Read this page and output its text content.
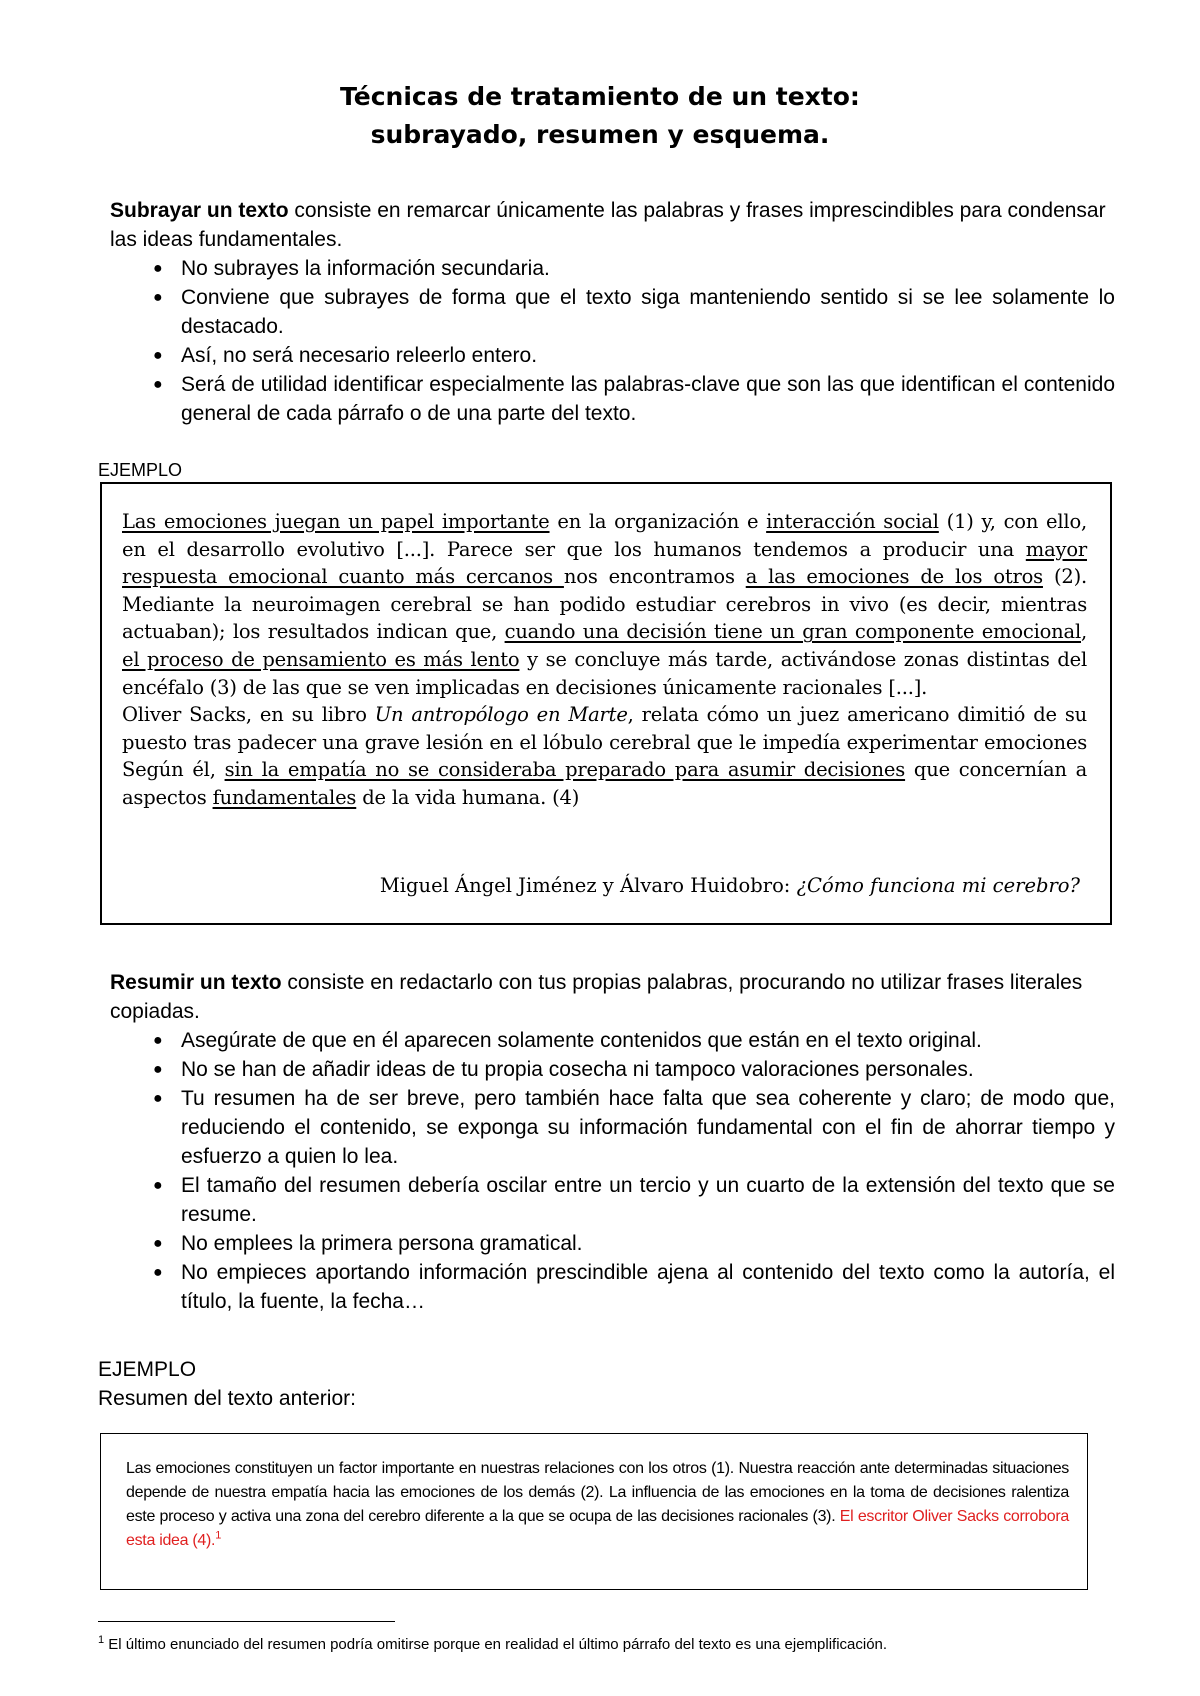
Técnicas de tratamiento de un texto:
subrayado, resumen y esquema.

Subrayar un texto consiste en remarcar únicamente las palabras y frases imprescindibles para condensar las ideas fundamentales.

● No subrayes la información secundaria.
● Conviene que subrayes de forma que el texto siga manteniendo sentido si se lee solamente lo destacado.
● Así, no será necesario releerlo entero.
● Será de utilidad identificar especialmente las palabras-clave que son las que identifican el contenido general de cada párrafo o de una parte del texto.
EJEMPLO

Las emociones juegan un papel importante en la organización e interacción social (1) y, con ello, en el desarrollo evolutivo [...]. Parece ser que los humanos tendemos a producir una mayor respuesta emocional cuanto más cercanos nos encontramos a las emociones de los otros (2). Mediante la neuroimagen cerebral se han podido estudiar cerebros in vivo (es decir, mientras actuaban); los resultados indican que, cuando una decisión tiene un gran componente emocional, el proceso de pensamiento es más lento y se concluye más tarde, activándose zonas distintas del encéfalo (3) de las que se ven implicadas en decisiones únicamente racionales [...].

Oliver Sacks, en su libro Un antropólogo en Marte, relata cómo un juez americano dimitió de su puesto tras padecer una grave lesión en el lóbulo cerebral que le impedía experimentar emociones Según él, sin la empatía no se consideraba preparado para asumir decisiones que concernían a aspectos fundamentales de la vida humana. (4)

Miguel Ángel Jiménez y Álvaro Huidobro: ¿Cómo funciona mi cerebro?

Resumir un texto consiste en redactarlo con tus propias palabras, procurando no utilizar frases literales copiadas.

● Asegúrate de que en él aparecen solamente contenidos que están en el texto original.
● No se han de añadir ideas de tu propia cosecha ni tampoco valoraciones personales.
● Tu resumen ha de ser breve, pero también hace falta que sea coherente y claro; de modo que, reduciendo el contenido, se exponga su información fundamental con el fin de ahorrar tiempo y esfuerzo a quien lo lea.
● El tamaño del resumen debería oscilar entre un tercio y un cuarto de la extensión del texto que se resume.
● No emplees la primera persona gramatical.
● No empieces aportando información prescindible ajena al contenido del texto como la autoría, el título, la fuente, la fecha…
EJEMPLO
Resumen del texto anterior:
Las emociones constituyen un factor importante en nuestras relaciones con los otros (1). Nuestra reacción ante determinadas situaciones depende de nuestra empatía hacia las emociones de los demás (2). La influencia de las emociones en la toma de decisiones ralentiza este proceso y activa una zona del cerebro diferente a la que se ocupa de las decisiones racionales (3). El escritor Oliver Sacks corrobora esta idea (4).$^1$
$^1$ El último enunciado del resumen podría omitirse porque en realidad el último párrafo del texto es una ejemplificación.
